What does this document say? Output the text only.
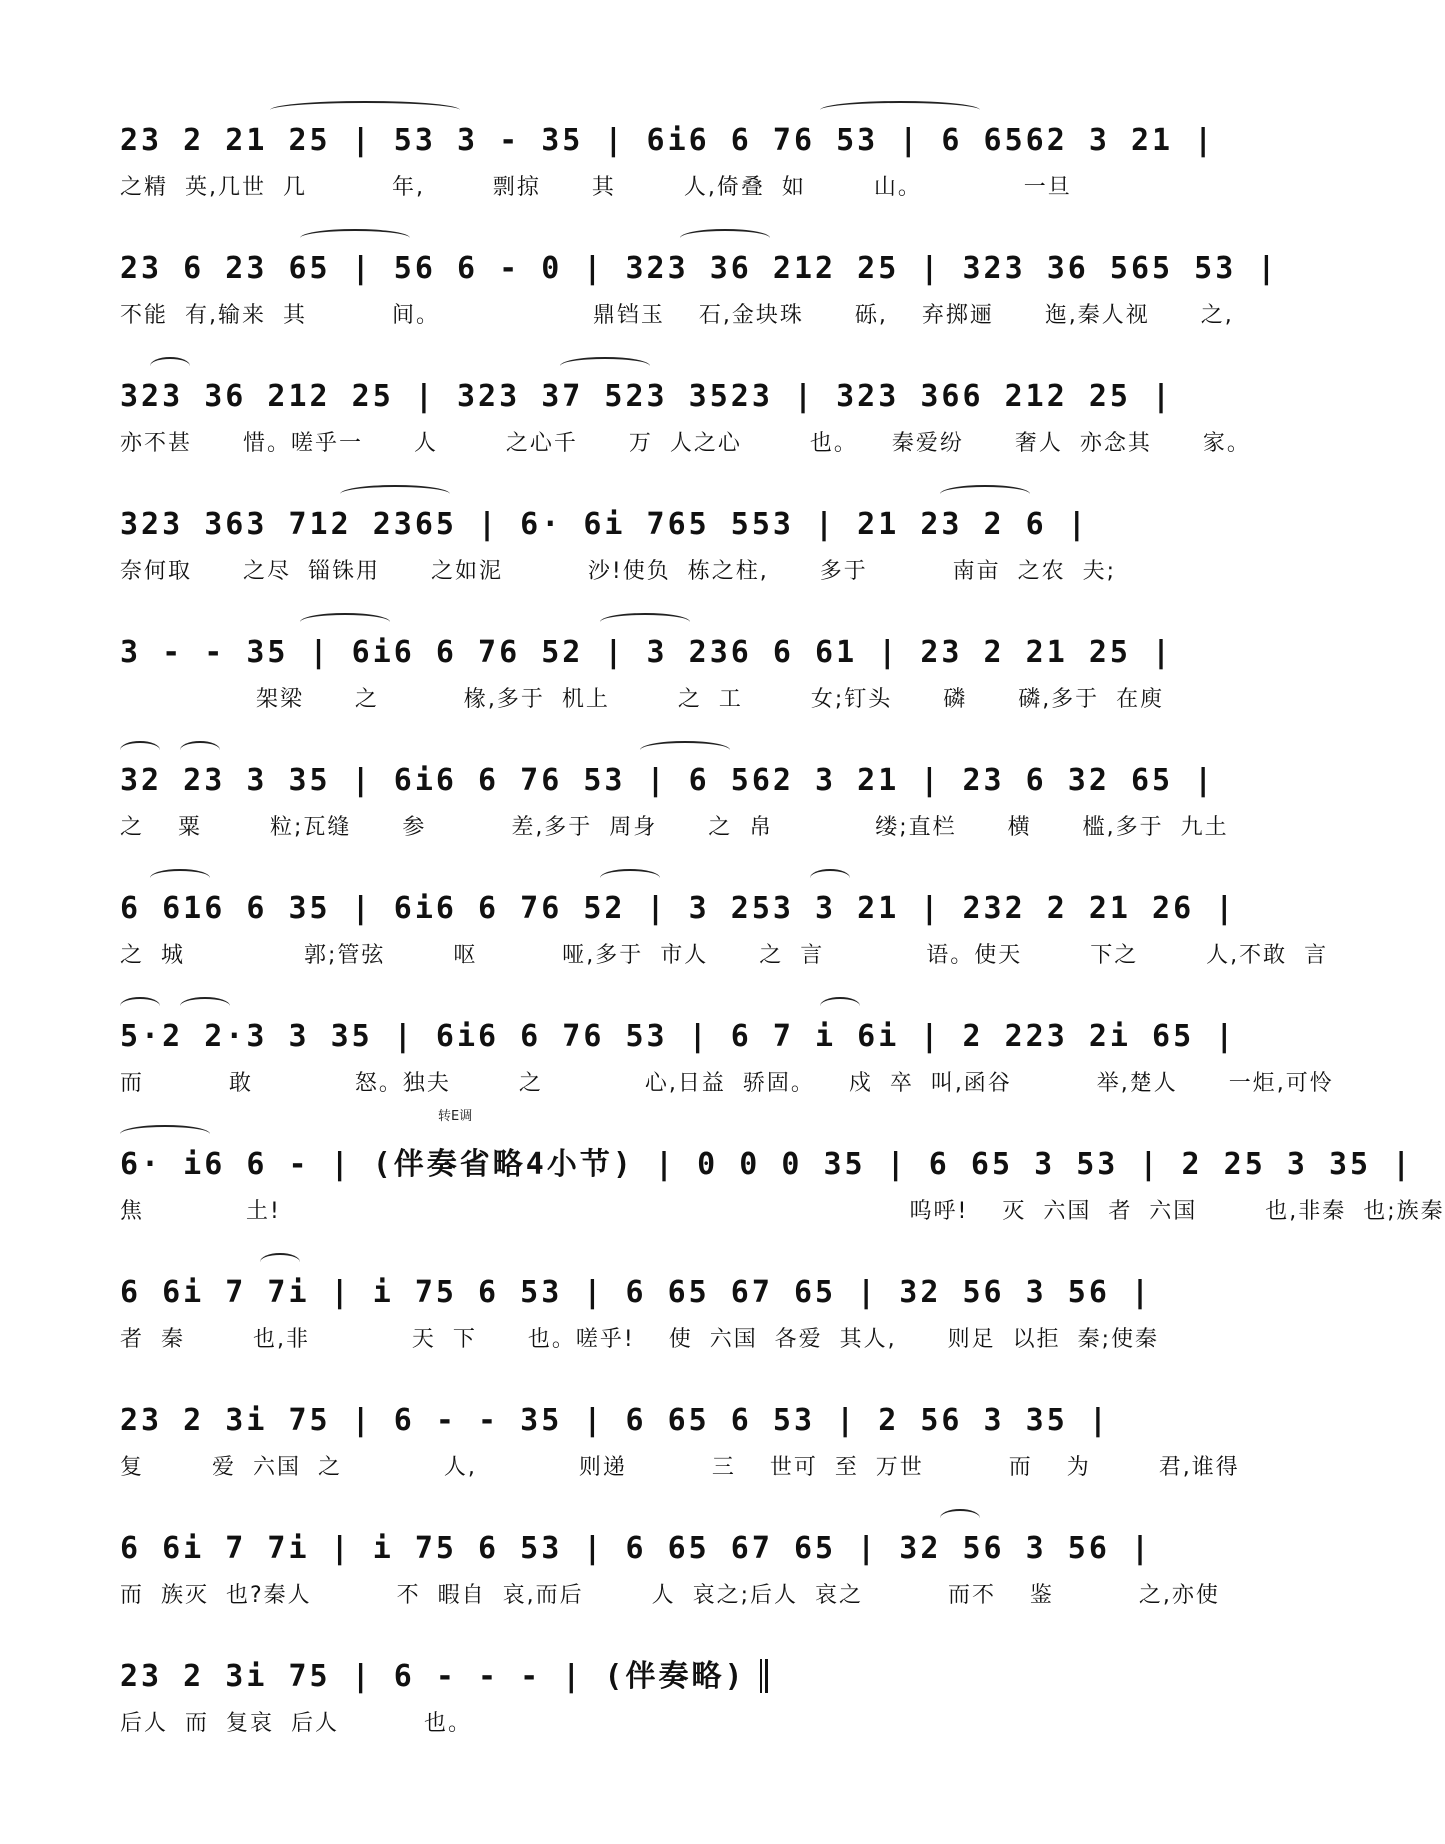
23 2 21 25 | 53 3 - 35 | 6i6 6 76 53 | 6 6562 3 21 |
之精 英,几世 几     年,    剽掠   其    人,倚叠 如    山。      一旦
23 6 23 65 | 56 6 - 0 | 323 36 212 25 | 323 36 565 53 |
不能 有,输来 其     间。         鼎铛玉  石,金块珠   砾,  弃掷逦   迤,秦人视   之,
323 36 212 25 | 323 37 523 3523 | 323 366 212 25 |
亦不甚   惜。嗟乎一   人    之心千   万 人之心    也。  秦爱纷   奢人 亦念其   家。
323 363 712 2365 | 6· 6i 765 553 | 21 23 2 6 |
奈何取   之尽 锱铢用   之如泥     沙!使负 栋之柱,   多于     南亩 之农 夫;
3 - - 35 | 6i6 6 76 52 | 3 236 6 61 | 23 2 21 25 |
架梁   之     椽,多于 机上    之 工    女;钉头   磷   磷,多于 在庾
32 23 3 35 | 6i6 6 76 53 | 6 562 3 21 | 23 6 32 65 |
之  粟    粒;瓦缝   参     差,多于 周身   之 帛      缕;直栏   横   槛,多于 九土
6 616 6 35 | 6i6 6 76 52 | 3 253 3 21 | 232 2 21 26 |
之 城       郭;管弦    呕     哑,多于 市人   之 言      语。使天    下之    人,不敢 言
5·2 2·3 3 35 | 6i6 6 76 53 | 6 7 i 6i | 2 223 2i 65 |
而     敢      怒。独夫    之      心,日益 骄固。  戍 卒 叫,函谷     举,楚人   一炬,可怜
转E调
6· i6 6 - | (伴奏省略4小节) | 0 0 0 35 | 6 65 3 53 | 2 25 3 35 |
焦      土!                                     呜呼!  灭 六国 者 六国    也,非秦 也;族秦
6 6i 7 7i | i 75 6 53 | 6 65 67 65 | 32 56 3 56 |
者 秦    也,非      天 下   也。嗟乎!  使 六国 各爱 其人,   则足 以拒 秦;使秦
23 2 3i 75 | 6 - - 35 | 6 65 6 53 | 2 56 3 35 |
复    爱 六国 之      人,      则递     三  世可 至 万世     而  为    君,谁得
6 6i 7 7i | i 75 6 53 | 6 65 67 65 | 32 56 3 56 |
而 族灭 也?秦人     不 暇自 哀,而后    人 哀之;后人 哀之     而不  鉴     之,亦使
23 2 3i 75 | 6 - - - | (伴奏略)
后人 而 复哀 后人     也。
